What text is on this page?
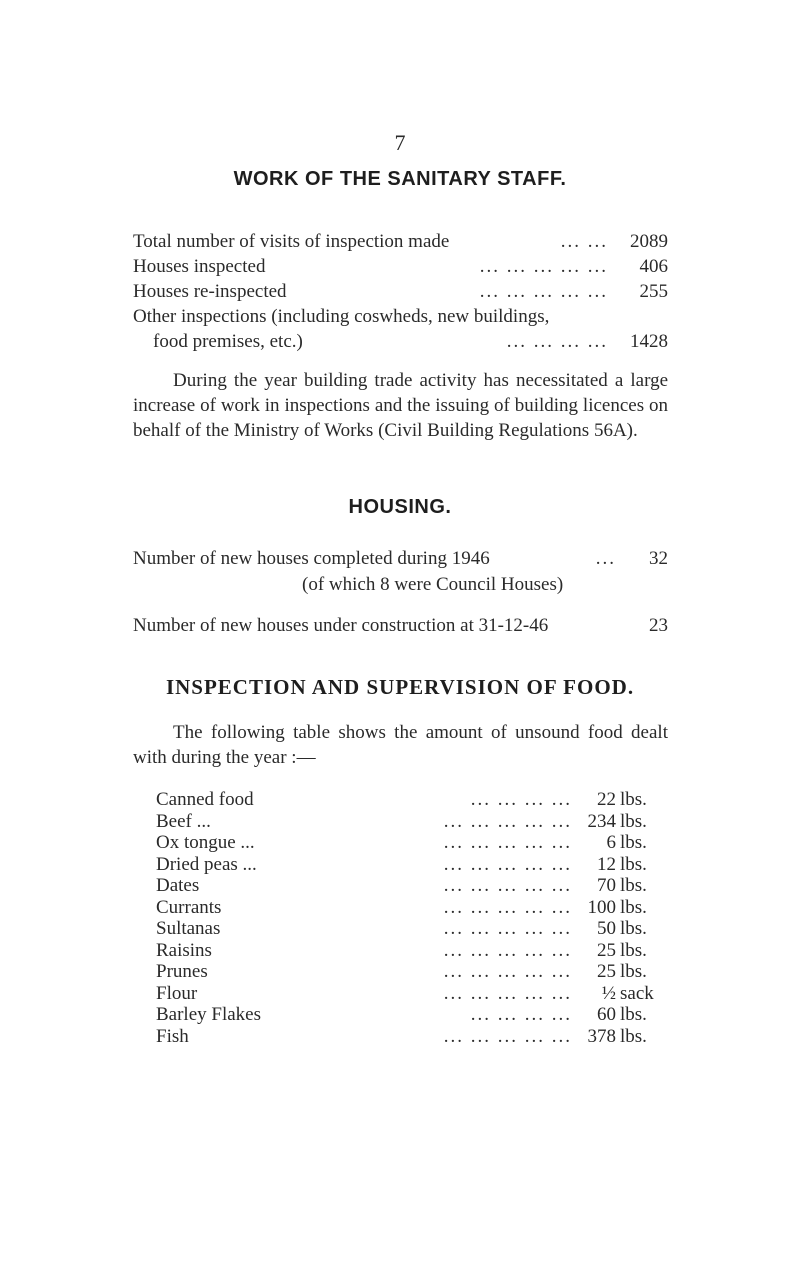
7
WORK OF THE SANITARY STAFF.
Total number of visits of inspection made	... ...	2089
Houses inspected	... ... ... ... ...	406
Houses re-inspected	... ... ... ... ...	255
Other inspections (including coswheds, new buildings,
food premises, etc.)	... ... ... ...	1428
During the year building trade activity has necessitated a large increase of work in inspections and the issuing of building licences on behalf of the Ministry of Works (Civil Building Regulations 56A).
HOUSING.
Number of new houses completed during 1946	...	32
(of which 8 were Council Houses)
Number of new houses under construction at 31-12-46	23
INSPECTION AND SUPERVISION OF FOOD.
The following table shows the amount of unsound food dealt with during the year :—
Canned food	... ... ... ...	22 lbs.
Beef ...	... ... ... ... ... 234 lbs.
Ox tongue ...	... ... ... ... ...	6 lbs.
Dried peas ...	... ... ... ... ...	12 lbs.
Dates	... ... ... ... ...	70 lbs.
Currants	... ... ... ... ... 100 lbs.
Sultanas	... ... ... ... ...	50 lbs.
Raisins	... ... ... ... ...	25 lbs.
Prunes	... ... ... ... ...	25 lbs.
Flour	... ... ... ... ...	½ sack
Barley Flakes	... ... ... ...	60 lbs.
Fish	... ... ... ... ... 378 lbs.
